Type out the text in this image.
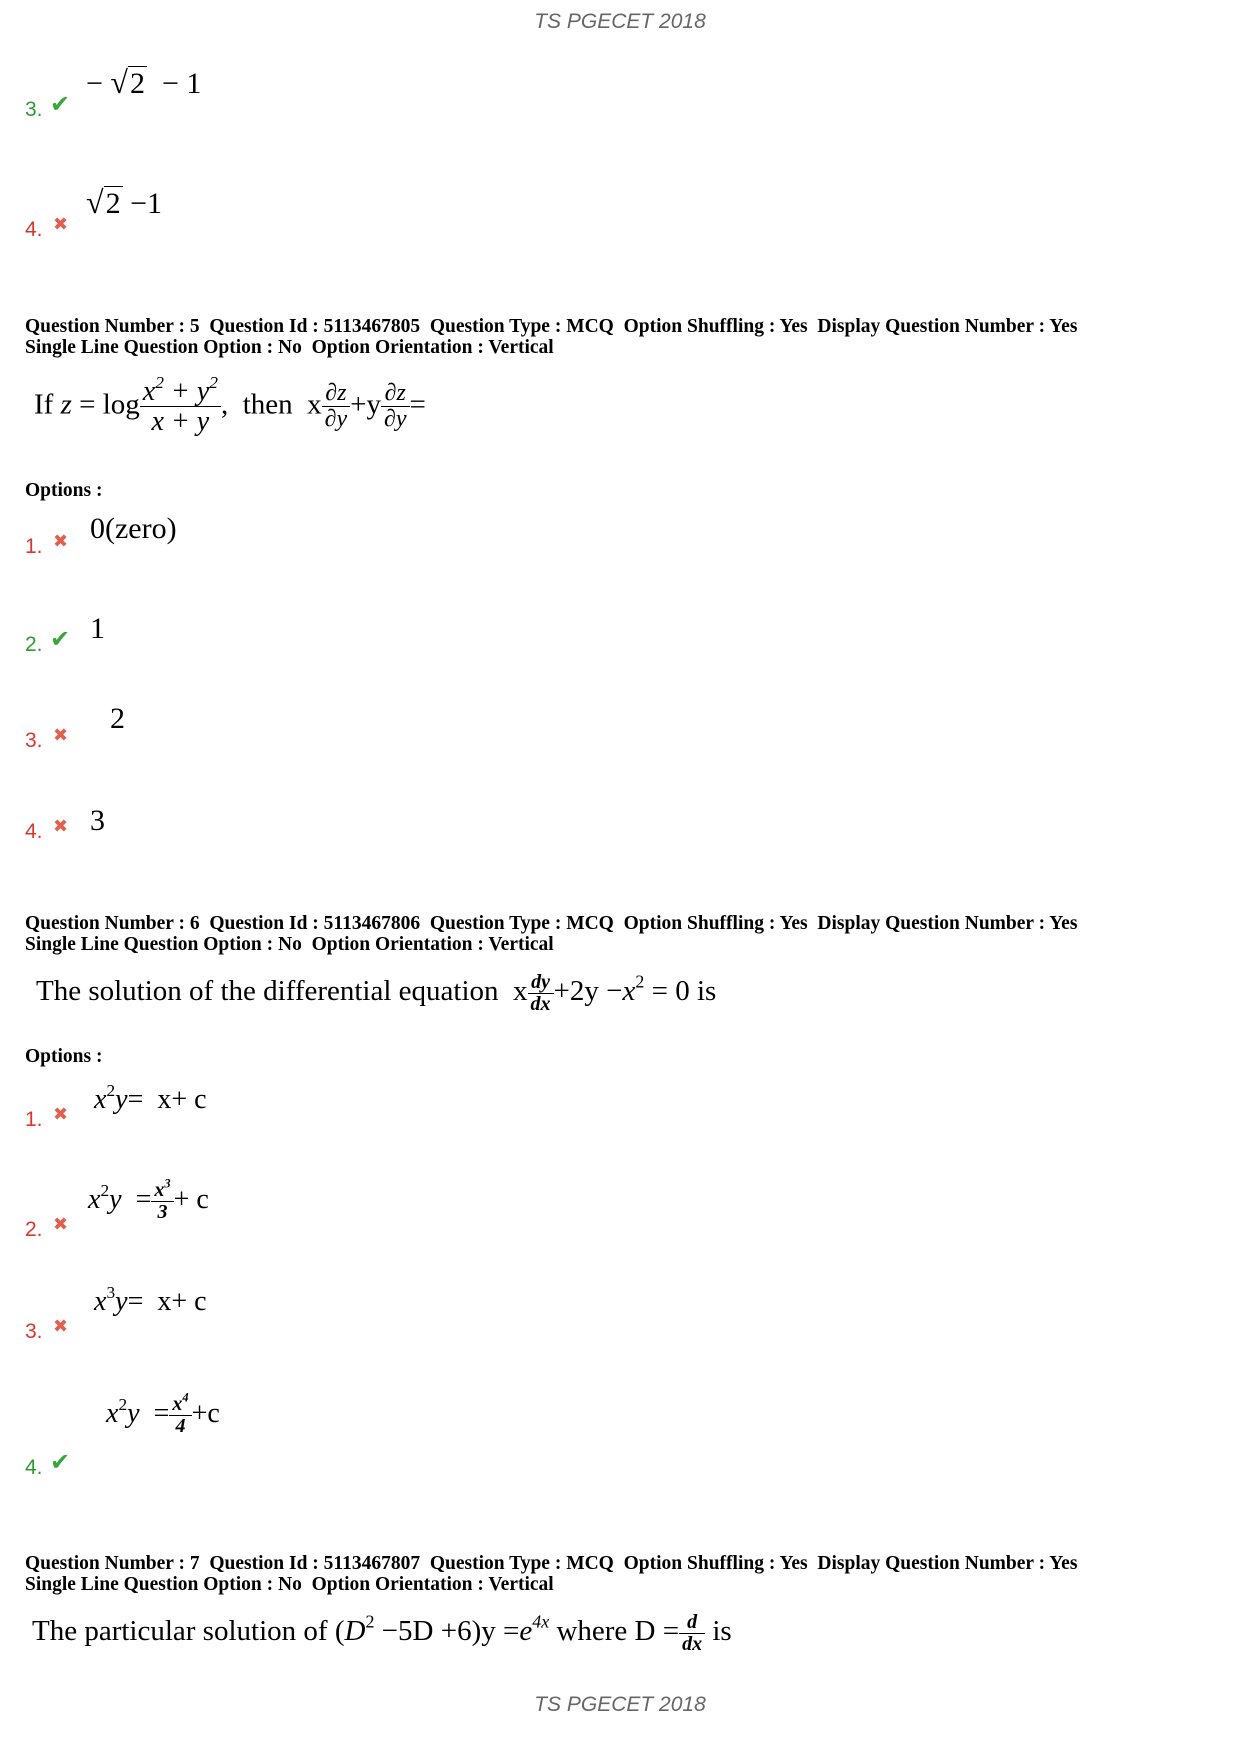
TS PGECET 2018
3. ✔
− √2  − 1
4. ✖
√2 −1
Question Number : 5 Question Id : 5113467805 Question Type : MCQ Option Shuffling : Yes Display Question Number : Yes
Single Line Question Option : No Option Orientation : Vertical
If $z = \log \frac{x^2 + y^2}{x + y}$ ,  then  x $\frac{\partial z}{\partial y} +y \frac{\partial z}{\partial y}$ =
Options :
1. ✖ 0(zero)
2. ✔ 1
3. ✖
2
4. ✖ 3
Question Number : 6 Question Id : 5113467806 Question Type : MCQ Option Shuffling : Yes Display Question Number : Yes
Single Line Question Option : No Option Orientation : Vertical
The solution of the differential equation  x $\frac{dy}{dx} +2y -x^2 = 0$ is
Options :
1. ✖ $x^2y= x+ c$
2. ✖
$x^2y = \frac{x^3}{3} + c$
3. ✖
$x^3y= x+ c$
4. ✔
$x^2y = \frac{x^4}{4} +c$
Question Number : 7 Question Id : 5113467807 Question Type : MCQ Option Shuffling : Yes Display Question Number : Yes
Single Line Question Option : No Option Orientation : Vertical
The particular solution of $(D^2 -5D +6)y =e^{4x}$ where $D = \frac{d}{dx}$ is
TS PGECET 2018
